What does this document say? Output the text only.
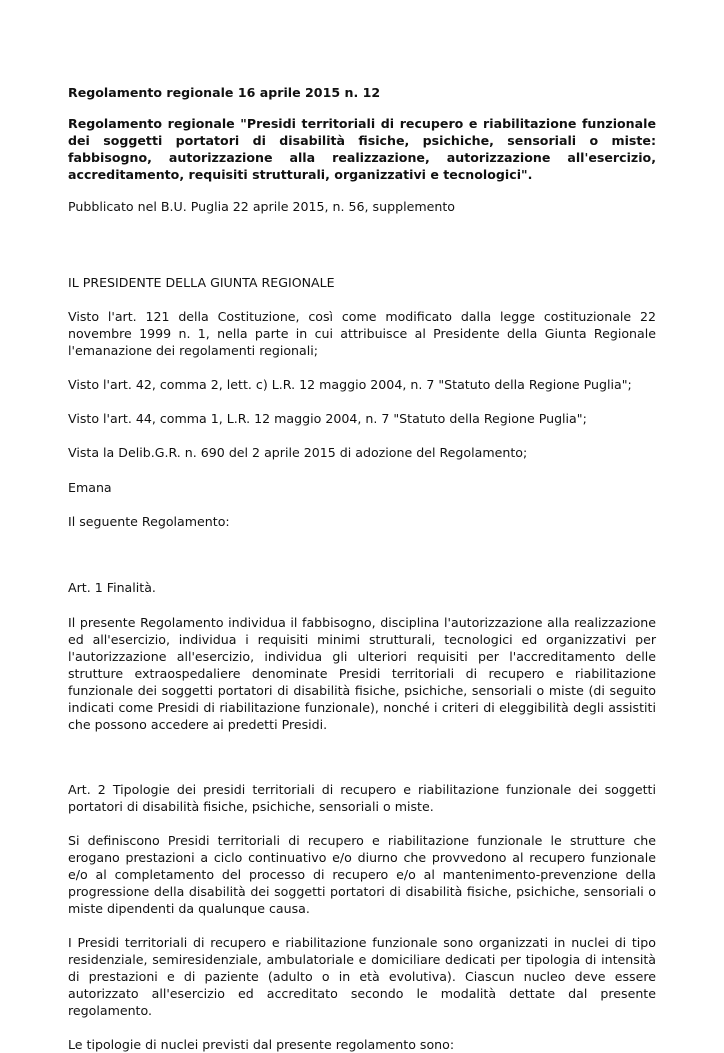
Regolamento regionale 16 aprile 2015 n. 12

Regolamento regionale "Presidi territoriali di recupero e riabilitazione funzionale dei soggetti portatori di disabilità fisiche, psichiche, sensoriali o miste: fabbisogno, autorizzazione alla realizzazione, autorizzazione all'esercizio, accreditamento, requisiti strutturali, organizzativi e tecnologici".

Pubblicato nel B.U. Puglia 22 aprile 2015, n. 56, supplemento

IL PRESIDENTE DELLA GIUNTA REGIONALE

Visto l'art. 121 della Costituzione, così come modificato dalla legge costituzionale 22 novembre 1999 n. 1, nella parte in cui attribuisce al Presidente della Giunta Regionale l'emanazione dei regolamenti regionali;

Visto l'art. 42, comma 2, lett. c) L.R. 12 maggio 2004, n. 7 "Statuto della Regione Puglia";

Visto l'art. 44, comma 1, L.R. 12 maggio 2004, n. 7 "Statuto della Regione Puglia";

Vista la Delib.G.R. n. 690 del 2 aprile 2015 di adozione del Regolamento;

Emana

Il seguente Regolamento:

Art. 1 Finalità.

Il presente Regolamento individua il fabbisogno, disciplina l'autorizzazione alla realizzazione ed all'esercizio, individua i requisiti minimi strutturali, tecnologici ed organizzativi per l'autorizzazione all'esercizio, individua gli ulteriori requisiti per l'accreditamento delle strutture extraospedaliere denominate Presidi territoriali di recupero e riabilitazione funzionale dei soggetti portatori di disabilità fisiche, psichiche, sensoriali o miste (di seguito indicati come Presidi di riabilitazione funzionale), nonché i criteri di eleggibilità degli assistiti che possono accedere ai predetti Presidi.

Art. 2 Tipologie dei presidi territoriali di recupero e riabilitazione funzionale dei soggetti portatori di disabilità fisiche, psichiche, sensoriali o miste.

Si definiscono Presidi territoriali di recupero e riabilitazione funzionale le strutture che erogano prestazioni a ciclo continuativo e/o diurno che provvedono al recupero funzionale e/o al completamento del processo di recupero e/o al mantenimento-prevenzione della progressione della disabilità dei soggetti portatori di disabilità fisiche, psichiche, sensoriali o miste dipendenti da qualunque causa.

I Presidi territoriali di recupero e riabilitazione funzionale sono organizzati in nuclei di tipo residenziale, semiresidenziale, ambulatoriale e domiciliare dedicati per tipologia di intensità di prestazioni e di paziente (adulto o in età evolutiva). Ciascun nucleo deve essere autorizzato all'esercizio ed accreditato secondo le modalità dettate dal presente regolamento.

Le tipologie di nuclei previsti dal presente regolamento sono:
